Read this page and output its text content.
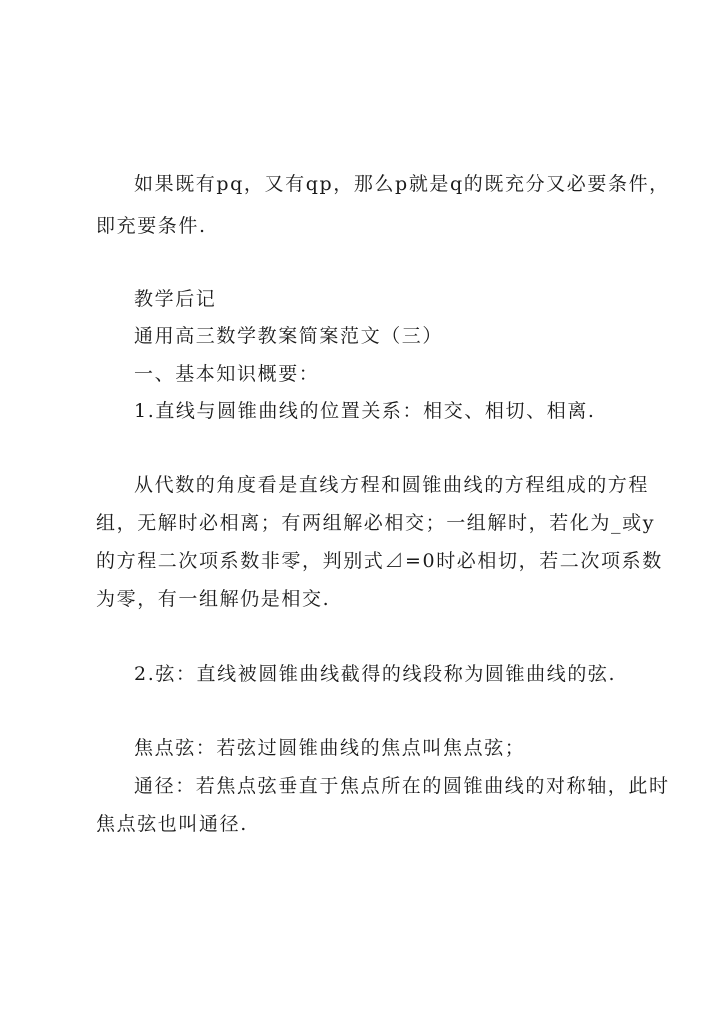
如果既有pq，又有qp，那么p就是q的既充分又必要条件，
即充要条件.
教学后记
通用高三数学教案简案范文（三）
一、基本知识概要：
1.直线与圆锥曲线的位置关系：相交、相切、相离.
从代数的角度看是直线方程和圆锥曲线的方程组成的方程
组，无解时必相离；有两组解必相交；一组解时，若化为_或y
的方程二次项系数非零，判别式⊿=0时必相切，若二次项系数
为零，有一组解仍是相交.
2.弦：直线被圆锥曲线截得的线段称为圆锥曲线的弦.
焦点弦：若弦过圆锥曲线的焦点叫焦点弦；
通径：若焦点弦垂直于焦点所在的圆锥曲线的对称轴，此时
焦点弦也叫通径.
